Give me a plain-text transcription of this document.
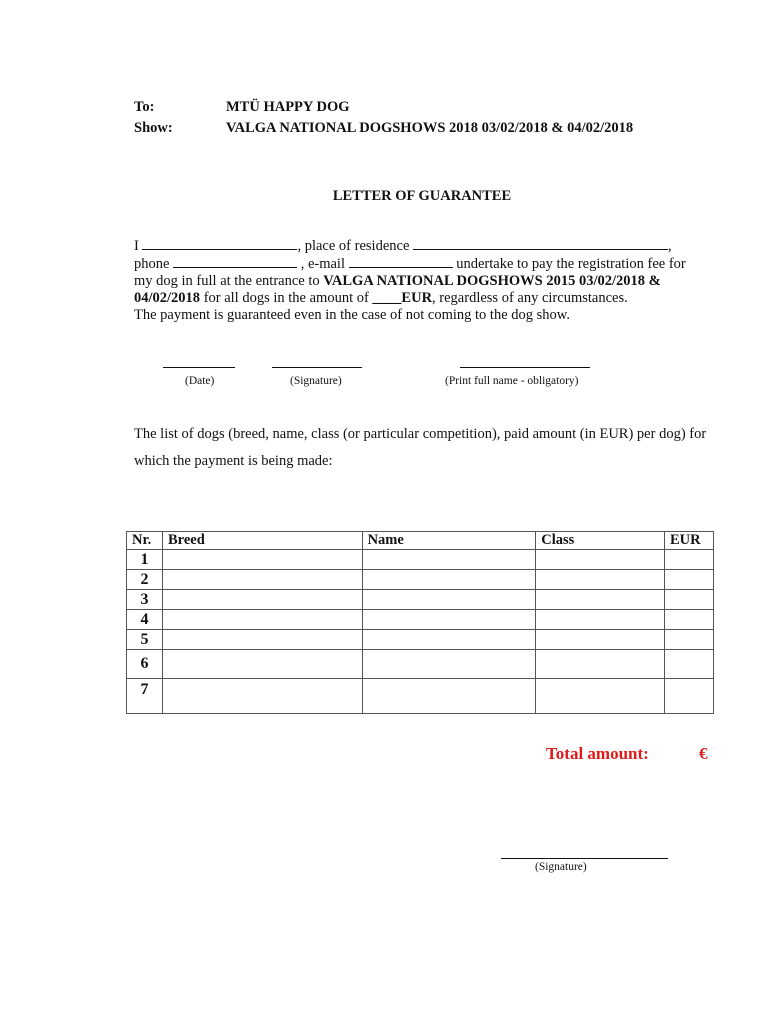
To:	MTÜ HAPPY DOG
Show:	VALGA NATIONAL DOGSHOWS 2018 03/02/2018 & 04/02/2018
LETTER OF GUARANTEE
I	, place of residence	,
phone	, e-mail	undertake to pay the registration fee for
my dog in full at the entrance to VALGA NATIONAL DOGSHOWS 2015 03/02/2018 &
04/02/2018 for all dogs in the amount of ____EUR, regardless of any circumstances.
The payment is guaranteed even in the case of not coming to the dog show.
(Date)	(Signature)	(Print full name - obligatory)
The list of dogs (breed, name, class (or particular competition), paid amount (in EUR) per dog) for which the payment is being made:
Nr.	Breed	Name	Class	EUR
1				
2				
3				
4				
5				
6				
7				
Total amount:	€
(Signature)
